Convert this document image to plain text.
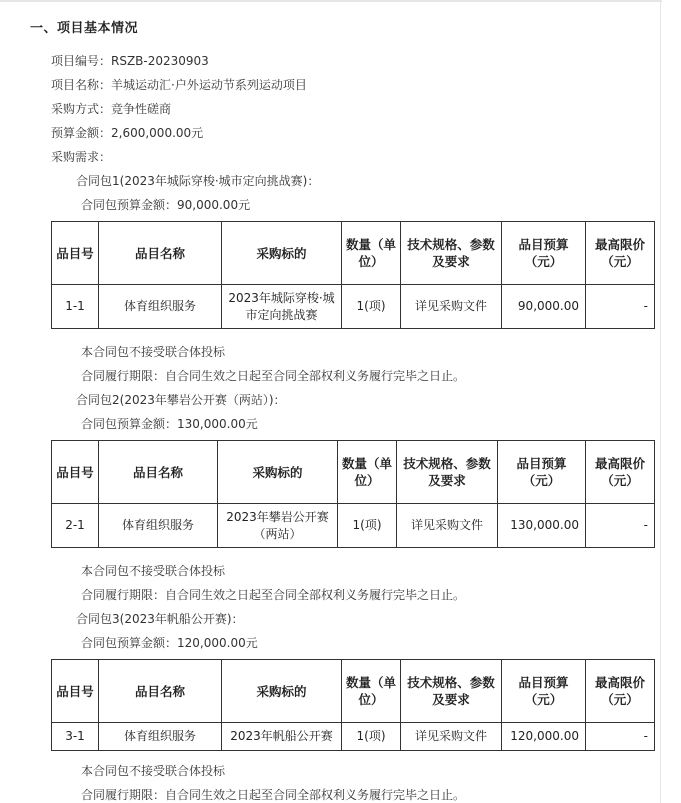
一、项目基本情况
项目编号：RSZB-20230903
项目名称：羊城运动汇·户外运动节系列运动项目
采购方式：竞争性磋商
预算金额：2,600,000.00元
采购需求：
合同包1(2023年城际穿梭·城市定向挑战赛)：
合同包预算金额：90,000.00元
品目号	品目名称	采购标的	数量（单位）	技术规格、参数及要求	品目预算（元）	最高限价（元）
1-1	体育组织服务	2023年城际穿梭·城市定向挑战赛	1(项)	详见采购文件	90,000.00	-
本合同包不接受联合体投标
合同履行期限：自合同生效之日起至合同全部权利义务履行完毕之日止。
合同包2(2023年攀岩公开赛（两站）)：
合同包预算金额：130,000.00元
品目号	品目名称	采购标的	数量（单位）	技术规格、参数及要求	品目预算（元）	最高限价（元）
2-1	体育组织服务	2023年攀岩公开赛（两站）	1(项)	详见采购文件	130,000.00	-
本合同包不接受联合体投标
合同履行期限：自合同生效之日起至合同全部权利义务履行完毕之日止。
合同包3(2023年帆船公开赛)：
合同包预算金额：120,000.00元
品目号	品目名称	采购标的	数量（单位）	技术规格、参数及要求	品目预算（元）	最高限价（元）
3-1	体育组织服务	2023年帆船公开赛	1(项)	详见采购文件	120,000.00	-
本合同包不接受联合体投标
合同履行期限：自合同生效之日起至合同全部权利义务履行完毕之日止。
